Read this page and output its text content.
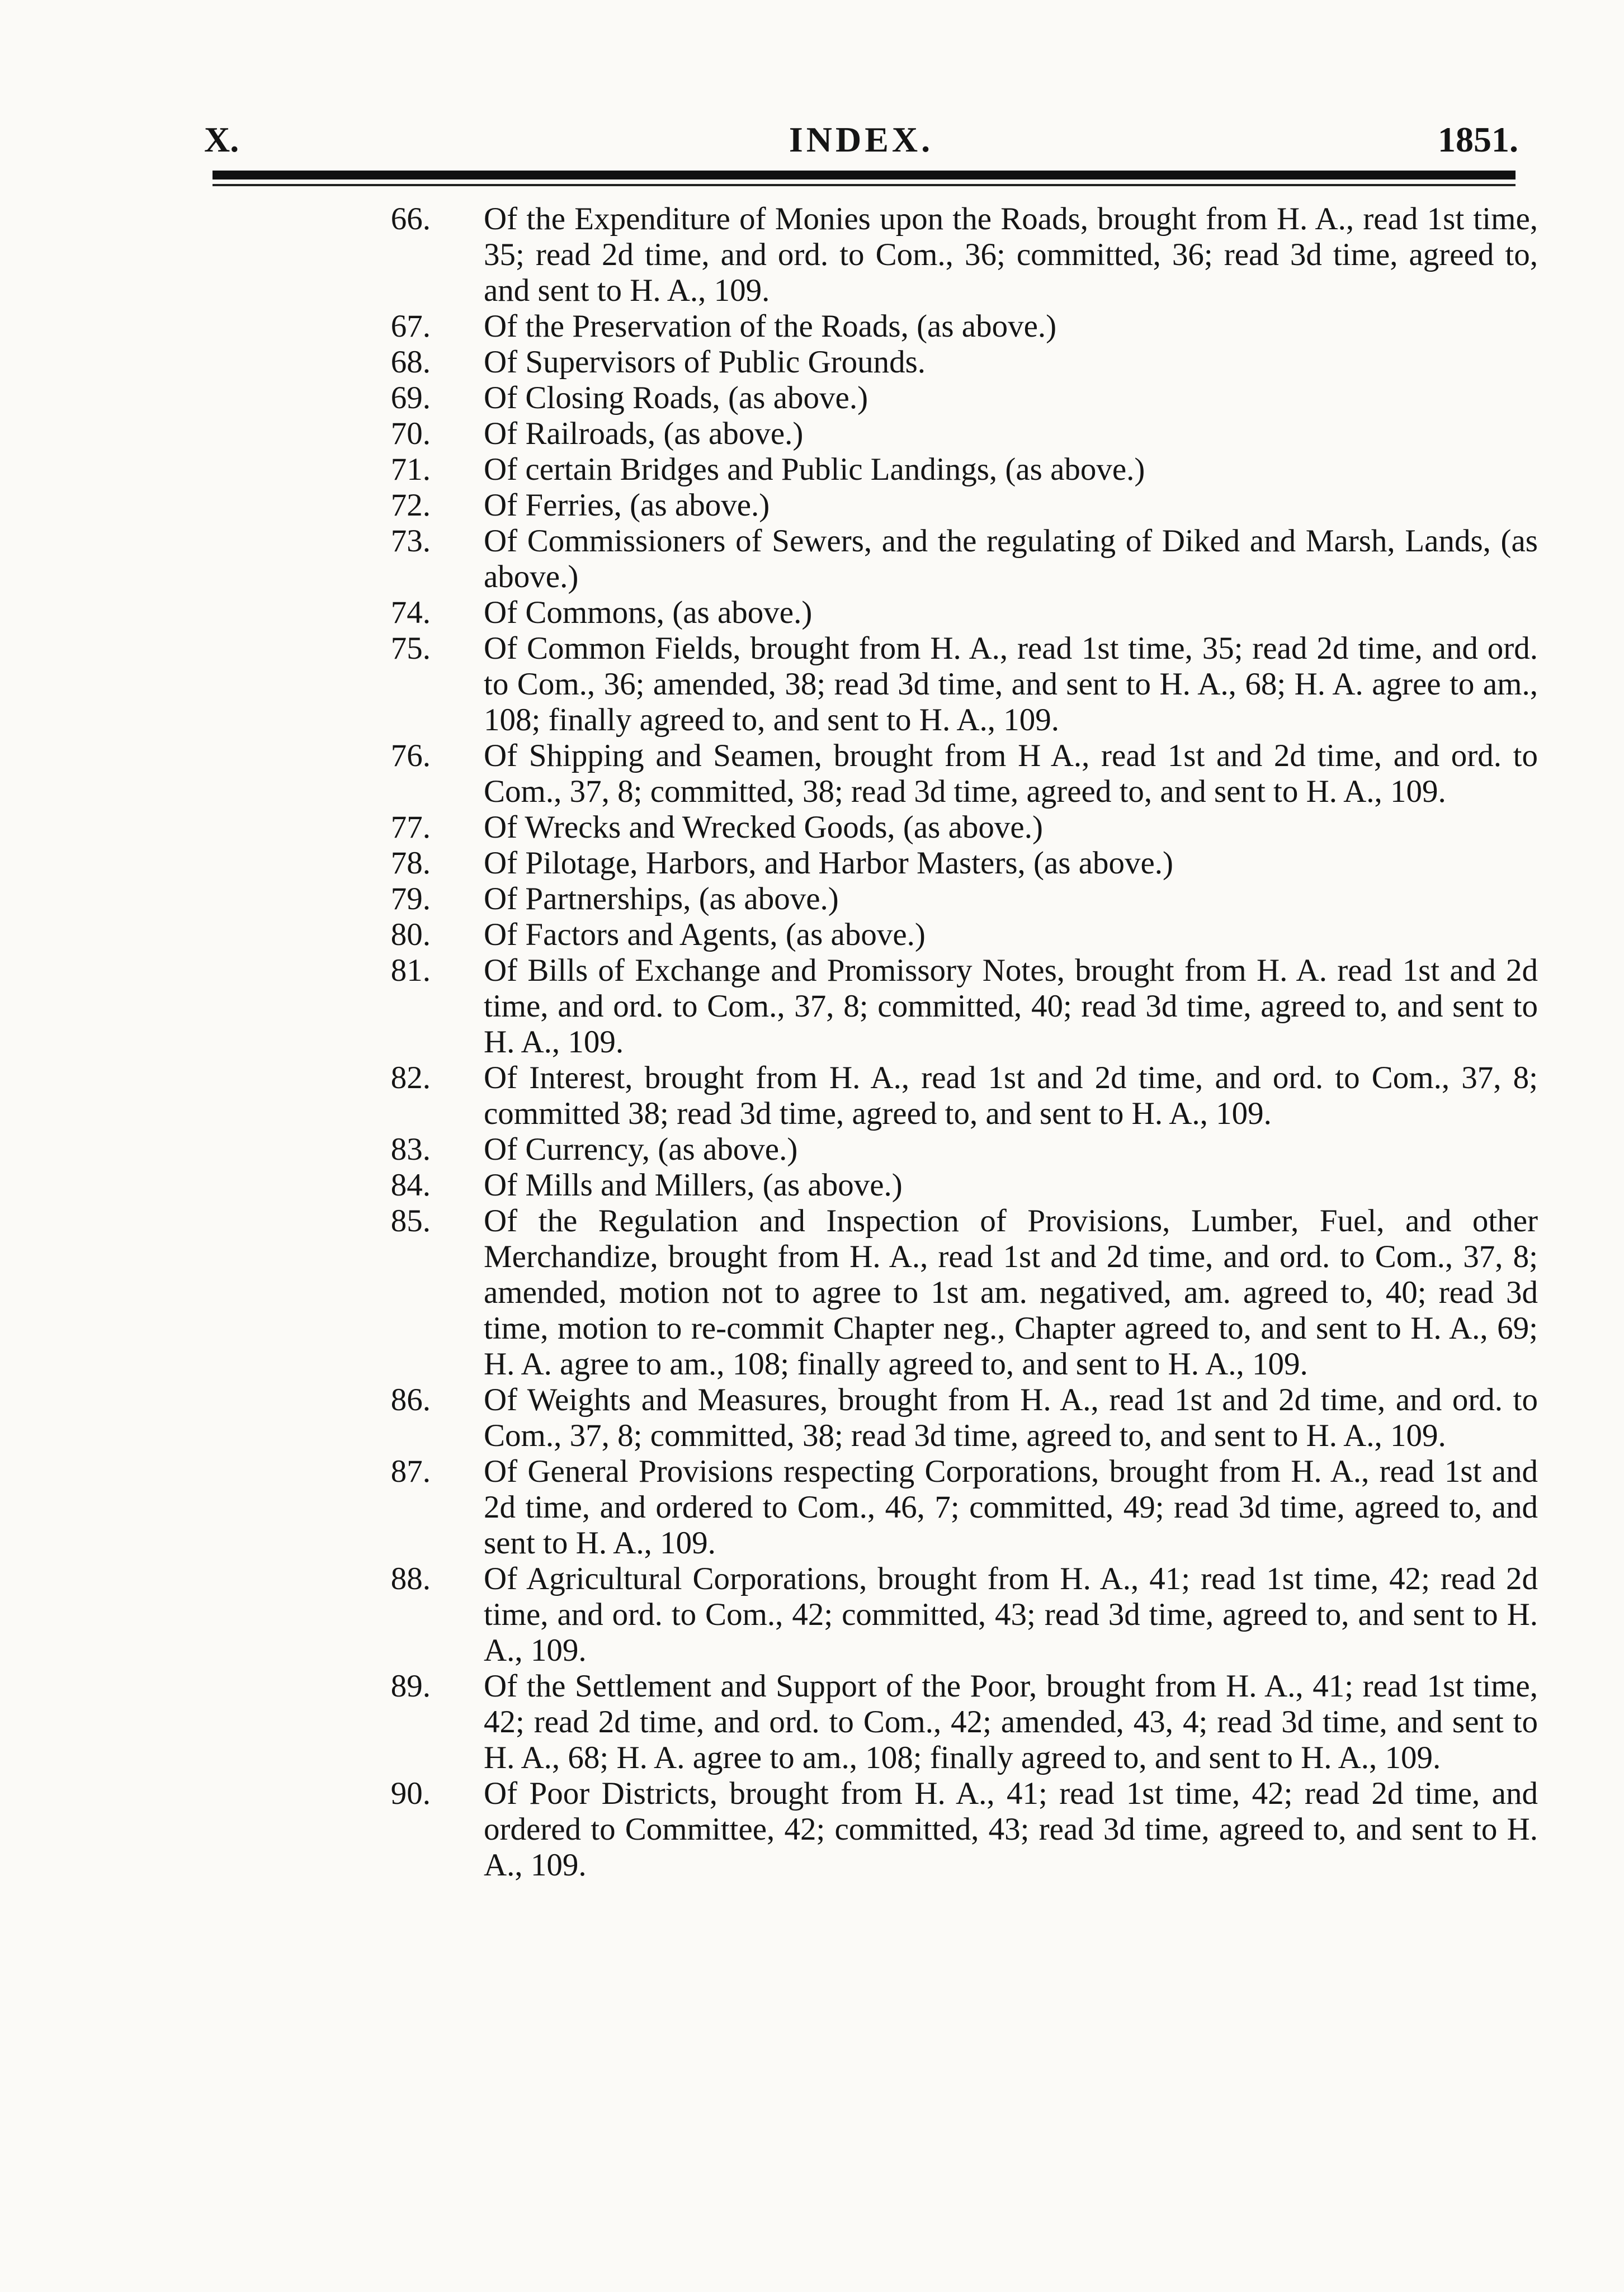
X.	INDEX.	1851.
66. Of the Expenditure of Monies upon the Roads, brought from H. A., read 1st time, 35; read 2d time, and ord. to Com., 36; committed, 36; read 3d time, agreed to, and sent to H. A., 109.
67. Of the Preservation of the Roads, (as above.)
68. Of Supervisors of Public Grounds.
69. Of Closing Roads, (as above.)
70. Of Railroads, (as above.)
71. Of certain Bridges and Public Landings, (as above.)
72. Of Ferries, (as above.)
73. Of Commissioners of Sewers, and the regulating of Diked and Marsh, Lands, (as above.)
74. Of Commons, (as above.)
75. Of Common Fields, brought from H. A., read 1st time, 35; read 2d time, and ord. to Com., 36; amended, 38; read 3d time, and sent to H. A., 68; H. A. agree to am., 108; finally agreed to, and sent to H. A., 109.
76. Of Shipping and Seamen, brought from H A., read 1st and 2d time, and ord. to Com., 37, 8; committed, 38; read 3d time, agreed to, and sent to H. A., 109.
77. Of Wrecks and Wrecked Goods, (as above.)
78. Of Pilotage, Harbors, and Harbor Masters, (as above.)
79. Of Partnerships, (as above.)
80. Of Factors and Agents, (as above.)
81. Of Bills of Exchange and Promissory Notes, brought from H. A. read 1st and 2d time, and ord. to Com., 37, 8; committed, 40; read 3d time, agreed to, and sent to H. A., 109.
82. Of Interest, brought from H. A., read 1st and 2d time, and ord. to Com., 37, 8; committed 38; read 3d time, agreed to, and sent to H. A., 109.
83. Of Currency, (as above.)
84. Of Mills and Millers, (as above.)
85. Of the Regulation and Inspection of Provisions, Lumber, Fuel, and other Merchandize, brought from H. A., read 1st and 2d time, and ord. to Com., 37, 8; amended, motion not to agree to 1st am. negatived, am. agreed to, 40; read 3d time, motion to re-commit Chapter neg., Chapter agreed to, and sent to H. A., 69; H. A. agree to am., 108; finally agreed to, and sent to H. A., 109.
86. Of Weights and Measures, brought from H. A., read 1st and 2d time, and ord. to Com., 37, 8; committed, 38; read 3d time, agreed to, and sent to H. A., 109.
87. Of General Provisions respecting Corporations, brought from H. A., read 1st and 2d time, and ordered to Com., 46, 7; committed, 49; read 3d time, agreed to, and sent to H. A., 109.
88. Of Agricultural Corporations, brought from H. A., 41; read 1st time, 42; read 2d time, and ord. to Com., 42; committed, 43; read 3d time, agreed to, and sent to H. A., 109.
89. Of the Settlement and Support of the Poor, brought from H. A., 41; read 1st time, 42; read 2d time, and ord. to Com., 42; amended, 43, 4; read 3d time, and sent to H. A., 68; H. A. agree to am., 108; finally agreed to, and sent to H. A., 109.
90. Of Poor Districts, brought from H. A., 41; read 1st time, 42; read 2d time, and ordered to Committee, 42; committed, 43; read 3d time, agreed to, and sent to H. A., 109.
